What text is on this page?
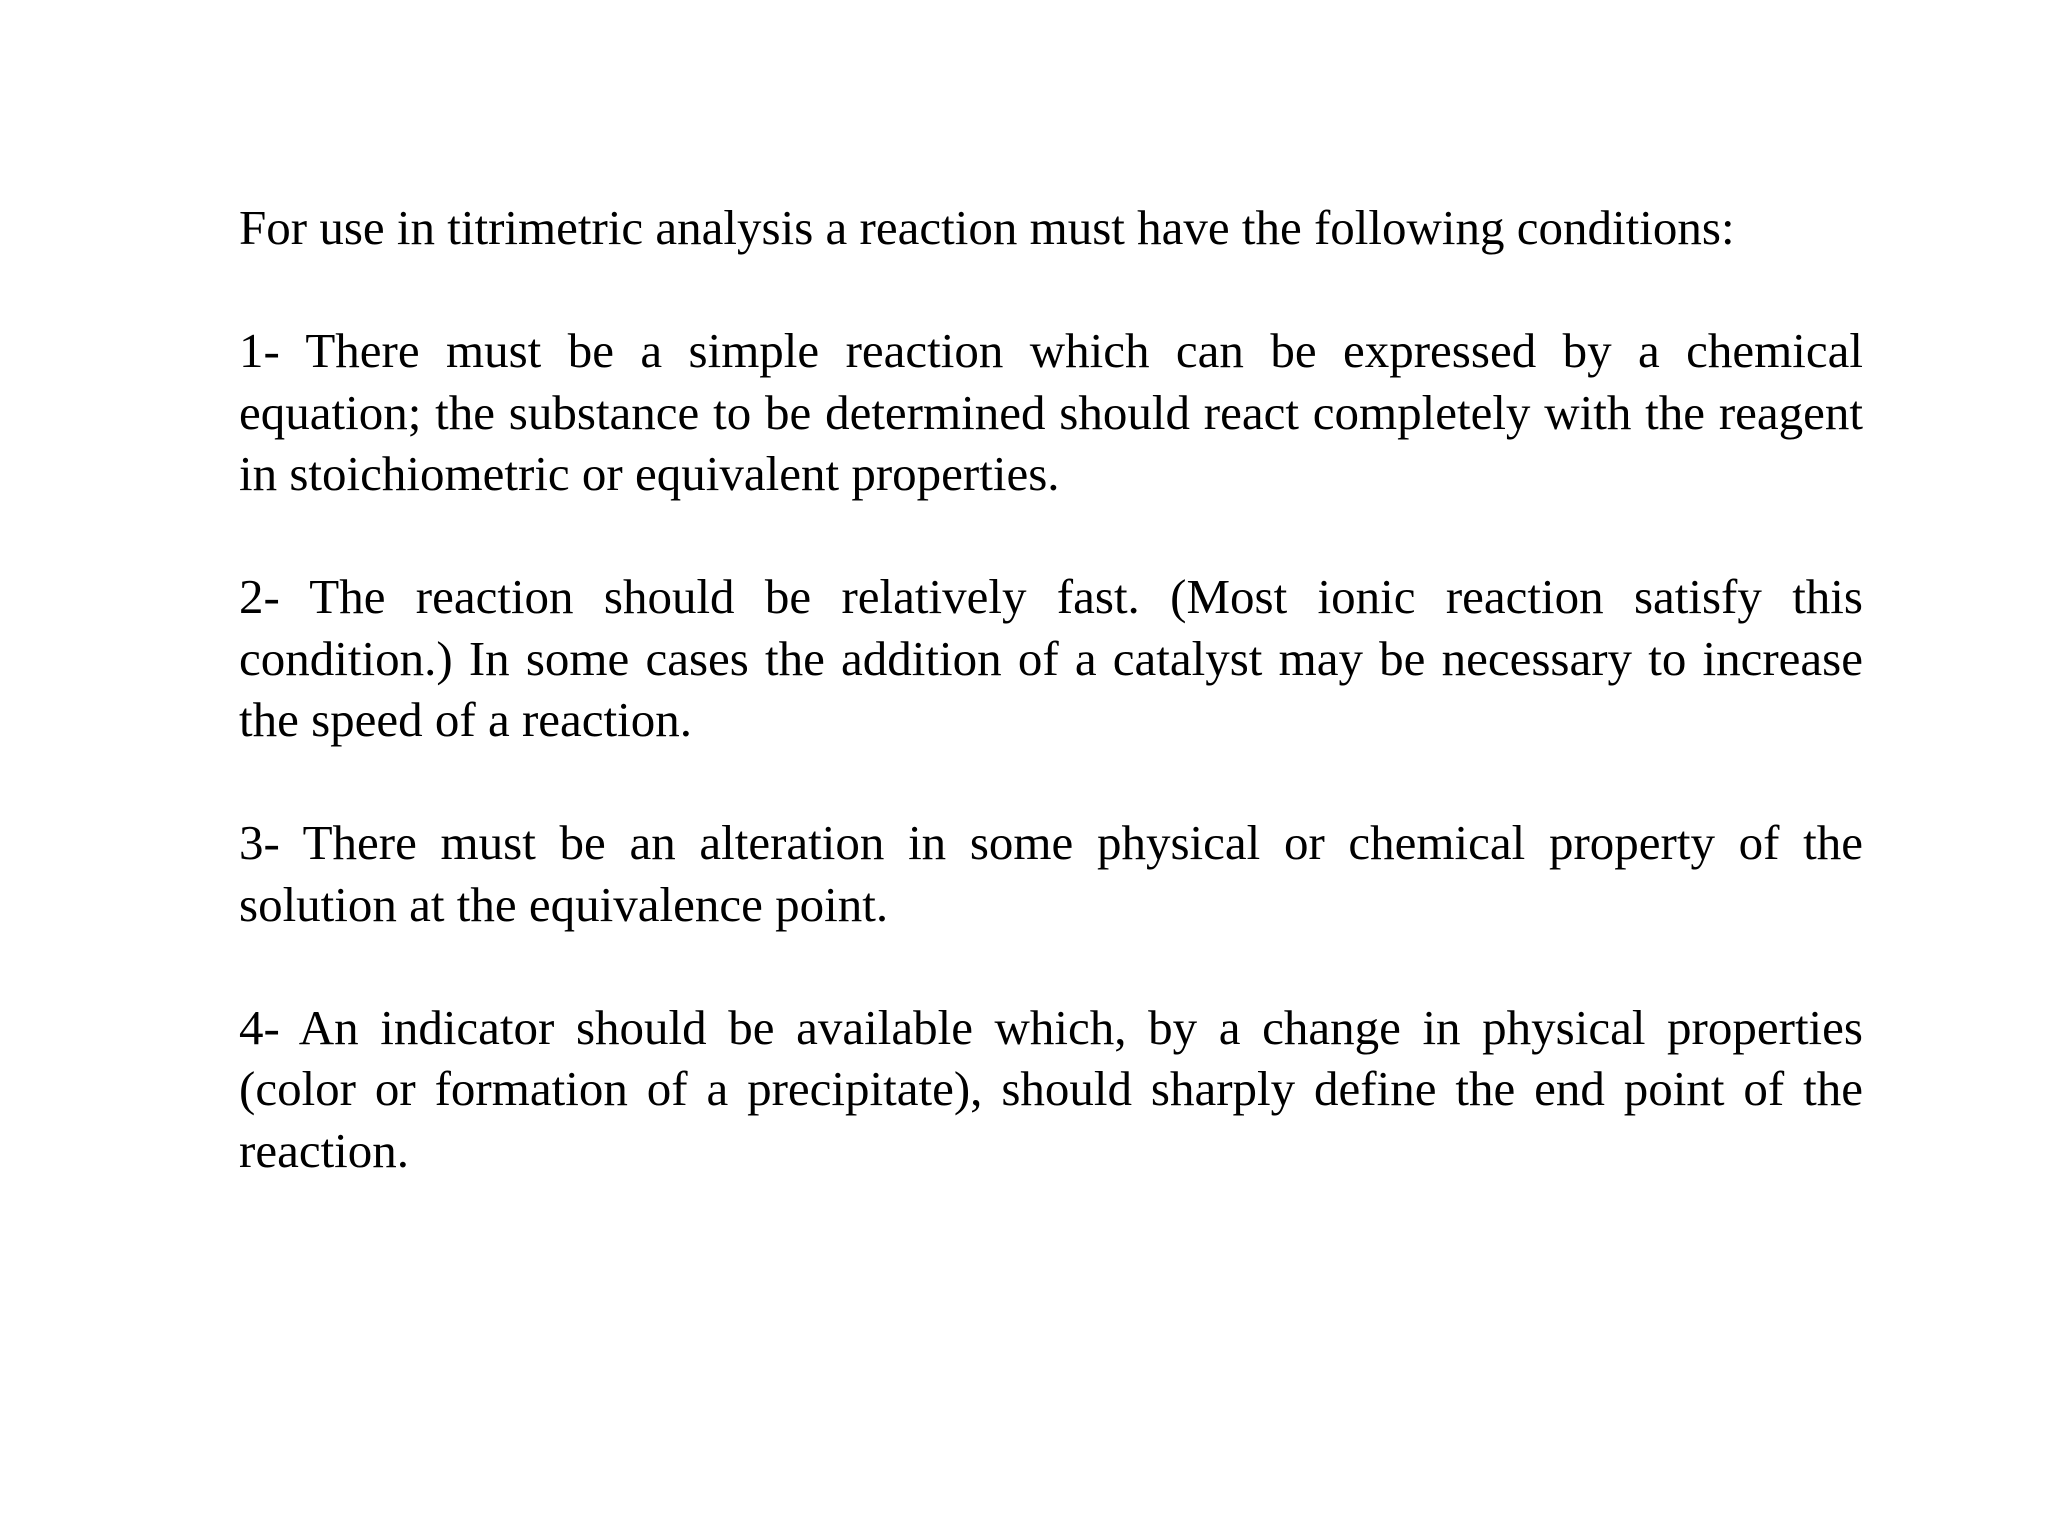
For use in titrimetric analysis a reaction must have the following conditions:

1- There must be a simple reaction which can be expressed by a chemical equation; the substance to be determined should react completely with the reagent in stoichiometric or equivalent properties.

2- The reaction should be relatively fast. (Most ionic reaction satisfy this condition.) In some cases the addition of a catalyst may be necessary to increase the speed of a reaction.

3- There must be an alteration in some physical or chemical property of the solution at the equivalence point.

4- An indicator should be available which, by a change in physical properties (color or formation of a precipitate), should sharply define the end point of the reaction.
